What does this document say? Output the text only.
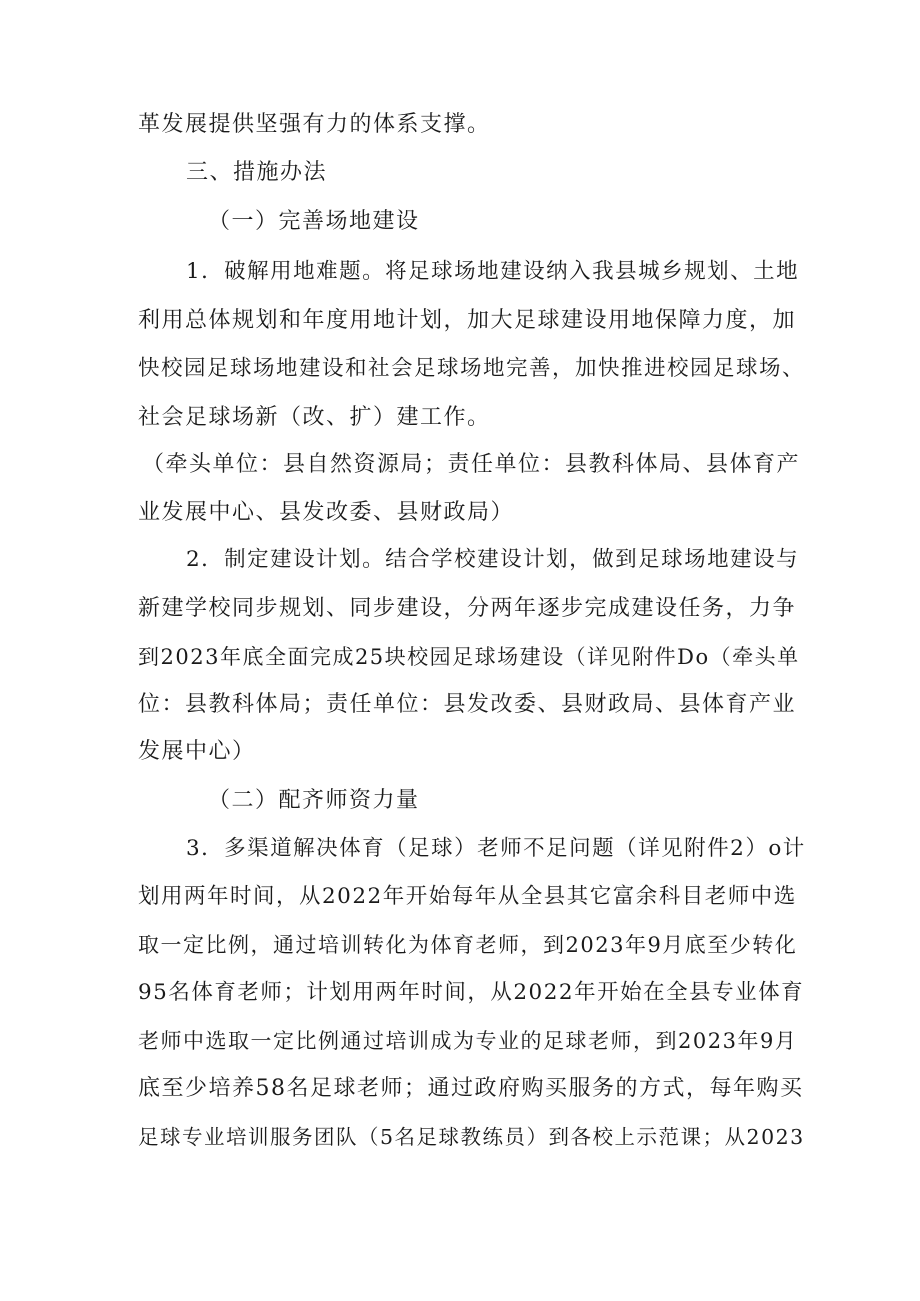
革发展提供坚强有力的体系支撑。
三、措施办法
（一）完善场地建设
1．破解用地难题。将足球场地建设纳入我县城乡规划、土地
利用总体规划和年度用地计划，加大足球建设用地保障力度，加
快校园足球场地建设和社会足球场地完善，加快推进校园足球场、
社会足球场新（改、扩）建工作。
（牵头单位：县自然资源局；责任单位：县教科体局、县体育产
业发展中心、县发改委、县财政局）
2．制定建设计划。结合学校建设计划，做到足球场地建设与
新建学校同步规划、同步建设，分两年逐步完成建设任务，力争
到2023年底全面完成25块校园足球场建设（详见附件Do（牵头单
位：县教科体局；责任单位：县发改委、县财政局、县体育产业
发展中心）
（二）配齐师资力量
3．多渠道解决体育（足球）老师不足问题（详见附件2）o计
划用两年时间，从2022年开始每年从全县其它富余科目老师中选
取一定比例，通过培训转化为体育老师，到2023年9月底至少转化
95名体育老师；计划用两年时间，从2022年开始在全县专业体育
老师中选取一定比例通过培训成为专业的足球老师，到2023年9月
底至少培养58名足球老师；通过政府购买服务的方式，每年购买
足球专业培训服务团队（5名足球教练员）到各校上示范课；从2023
